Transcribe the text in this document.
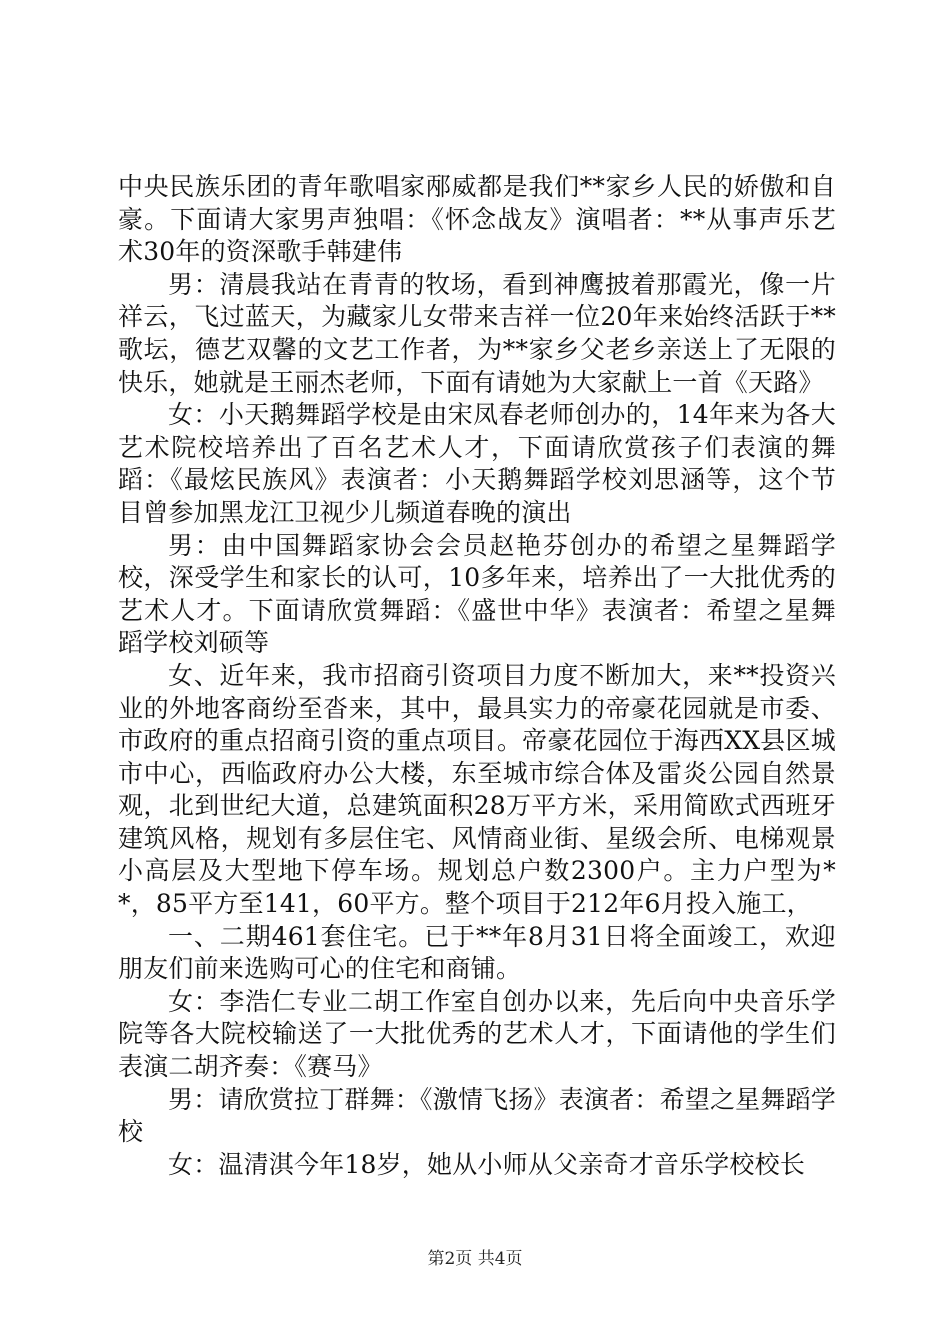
中央民族乐团的青年歌唱家邴威都是我们**家乡人民的娇傲和自豪。下面请大家男声独唱：《怀念战友》演唱者：**从事声乐艺术30年的资深歌手韩建伟

男：清晨我站在青青的牧场，看到神鹰披着那霞光，像一片祥云，飞过蓝天，为藏家儿女带来吉祥一位20年来始终活跃于**歌坛，德艺双馨的文艺工作者，为**家乡父老乡亲送上了无限的快乐，她就是王丽杰老师，下面有请她为大家献上一首《天路》

女：小天鹅舞蹈学校是由宋凤春老师创办的，14年来为各大艺术院校培养出了百名艺术人才，下面请欣赏孩子们表演的舞蹈：《最炫民族风》表演者：小天鹅舞蹈学校刘思涵等，这个节目曾参加黑龙江卫视少儿频道春晚的演出

男：由中国舞蹈家协会会员赵艳芬创办的希望之星舞蹈学校，深受学生和家长的认可，10多年来，培养出了一大批优秀的艺术人才。下面请欣赏舞蹈：《盛世中华》表演者：希望之星舞蹈学校刘硕等

女、近年来，我市招商引资项目力度不断加大，来**投资兴业的外地客商纷至沓来，其中，最具实力的帝豪花园就是市委、市政府的重点招商引资的重点项目。帝豪花园位于海西XX县区城市中心，西临政府办公大楼，东至城市综合体及雷炎公园自然景观，北到世纪大道，总建筑面积28万平方米，采用简欧式西班牙建筑风格，规划有多层住宅、风情商业街、星级会所、电梯观景小高层及大型地下停车场。规划总户数2300户。主力户型为**，85平方至141，60平方。整个项目于212年6月投入施工，

一、二期461套住宅。已于**年8月31日将全面竣工，欢迎朋友们前来选购可心的住宅和商铺。

女：李浩仁专业二胡工作室自创办以来，先后向中央音乐学院等各大院校输送了一大批优秀的艺术人才，下面请他的学生们表演二胡齐奏：《赛马》

男：请欣赏拉丁群舞：《激情飞扬》表演者：希望之星舞蹈学校

女：温清淇今年18岁，她从小师从父亲奇才音乐学校校长

第2页 共4页
